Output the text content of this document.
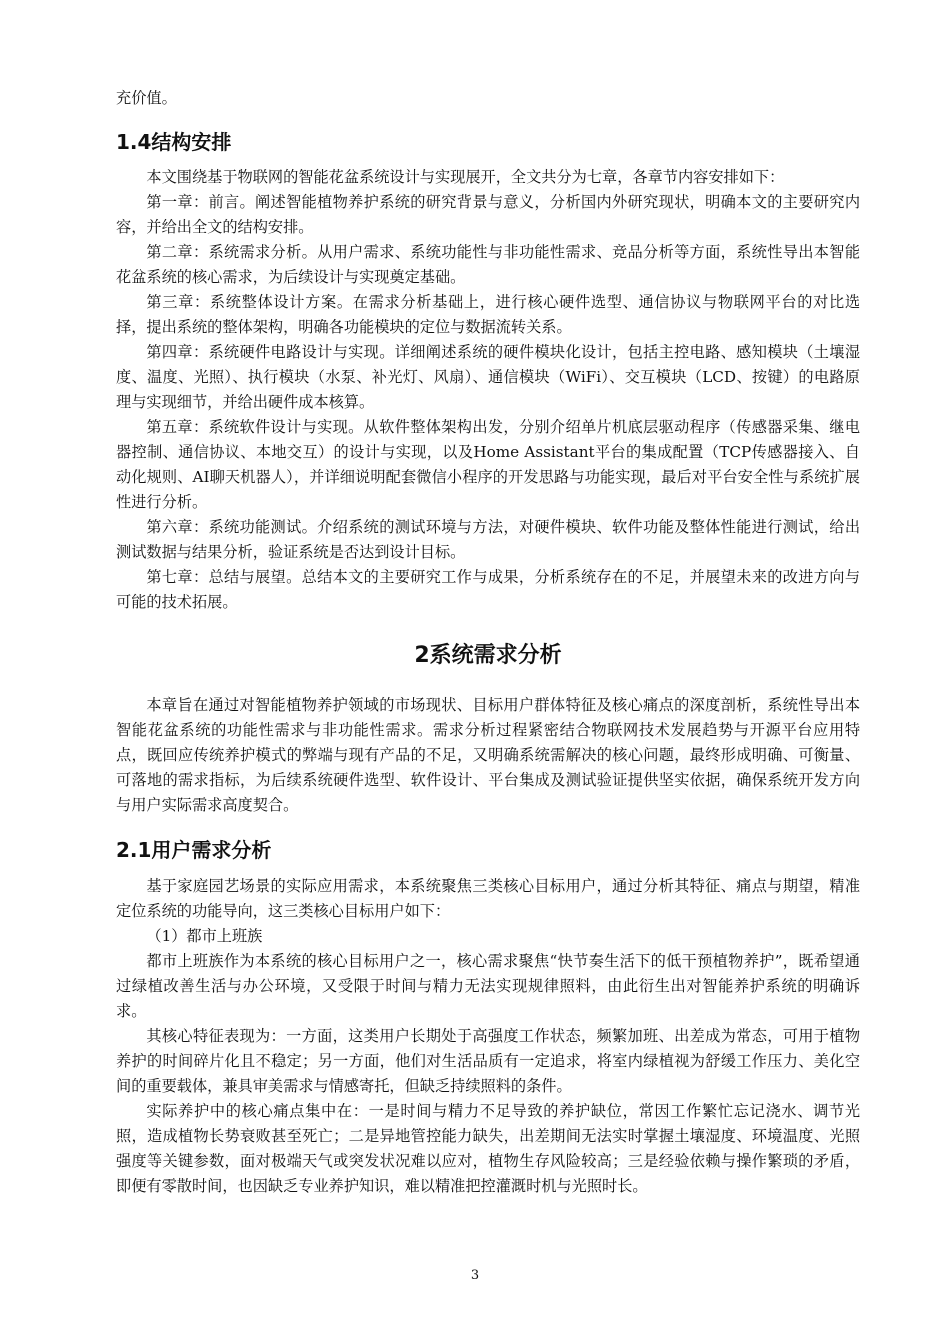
充价值。

1.4结构安排

本文围绕基于物联网的智能花盆系统设计与实现展开，全文共分为七章，各章节内容安排如下：

第一章：前言。阐述智能植物养护系统的研究背景与意义，分析国内外研究现状，明确本文的主要研究内容，并给出全文的结构安排。

第二章：系统需求分析。从用户需求、系统功能性与非功能性需求、竞品分析等方面，系统性导出本智能花盆系统的核心需求，为后续设计与实现奠定基础。

第三章：系统整体设计方案。在需求分析基础上，进行核心硬件选型、通信协议与物联网平台的对比选择，提出系统的整体架构，明确各功能模块的定位与数据流转关系。

第四章：系统硬件电路设计与实现。详细阐述系统的硬件模块化设计，包括主控电路、感知模块（土壤湿度、温度、光照）、执行模块（水泵、补光灯、风扇）、通信模块（WiFi）、交互模块（LCD、按键）的电路原理与实现细节，并给出硬件成本核算。

第五章：系统软件设计与实现。从软件整体架构出发，分别介绍单片机底层驱动程序（传感器采集、继电器控制、通信协议、本地交互）的设计与实现，以及Home Assistant平台的集成配置（TCP传感器接入、自动化规则、AI聊天机器人），并详细说明配套微信小程序的开发思路与功能实现，最后对平台安全性与系统扩展性进行分析。

第六章：系统功能测试。介绍系统的测试环境与方法，对硬件模块、软件功能及整体性能进行测试，给出测试数据与结果分析，验证系统是否达到设计目标。

第七章：总结与展望。总结本文的主要研究工作与成果，分析系统存在的不足，并展望未来的改进方向与可能的技术拓展。

2系统需求分析

本章旨在通过对智能植物养护领域的市场现状、目标用户群体特征及核心痛点的深度剖析，系统性导出本智能花盆系统的功能性需求与非功能性需求。需求分析过程紧密结合物联网技术发展趋势与开源平台应用特点，既回应传统养护模式的弊端与现有产品的不足，又明确系统需解决的核心问题，最终形成明确、可衡量、可落地的需求指标，为后续系统硬件选型、软件设计、平台集成及测试验证提供坚实依据，确保系统开发方向与用户实际需求高度契合。

2.1用户需求分析

基于家庭园艺场景的实际应用需求，本系统聚焦三类核心目标用户，通过分析其特征、痛点与期望，精准定位系统的功能导向，这三类核心目标用户如下：

（1）都市上班族

都市上班族作为本系统的核心目标用户之一，核心需求聚焦“快节奏生活下的低干预植物养护”，既希望通过绿植改善生活与办公环境，又受限于时间与精力无法实现规律照料，由此衍生出对智能养护系统的明确诉求。

其核心特征表现为：一方面，这类用户长期处于高强度工作状态，频繁加班、出差成为常态，可用于植物养护的时间碎片化且不稳定；另一方面，他们对生活品质有一定追求，将室内绿植视为舒缓工作压力、美化空间的重要载体，兼具审美需求与情感寄托，但缺乏持续照料的条件。

实际养护中的核心痛点集中在：一是时间与精力不足导致的养护缺位，常因工作繁忙忘记浇水、调节光照，造成植物长势衰败甚至死亡；二是异地管控能力缺失，出差期间无法实时掌握土壤湿度、环境温度、光照强度等关键参数，面对极端天气或突发状况难以应对，植物生存风险较高；三是经验依赖与操作繁琐的矛盾，即便有零散时间，也因缺乏专业养护知识，难以精准把控灌溉时机与光照时长。

3
